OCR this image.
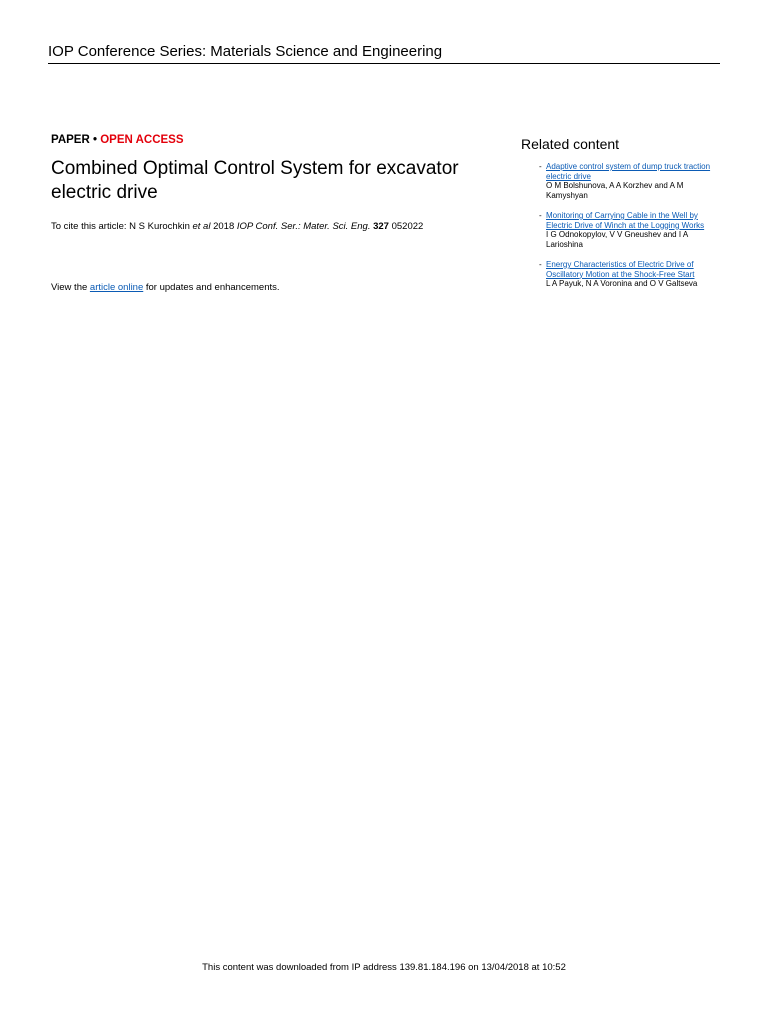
IOP Conference Series: Materials Science and Engineering
PAPER • OPEN ACCESS
Combined Optimal Control System for excavator electric drive
To cite this article: N S Kurochkin et al 2018 IOP Conf. Ser.: Mater. Sci. Eng. 327 052022
View the article online for updates and enhancements.
Related content
- Adaptive control system of dump truck traction electric drive
O M Bolshunova, A A Korzhev and A M Kamyshyan
- Monitoring of Carrying Cable in the Well by Electric Drive of Winch at the Logging Works
I G Odnokopylov, V V Gneushev and I A Larioshina
- Energy Characteristics of Electric Drive of Oscillatory Motion at the Shock-Free Start
L A Payuk, N A Voronina and O V Galtseva
This content was downloaded from IP address 139.81.184.196 on 13/04/2018 at 10:52
